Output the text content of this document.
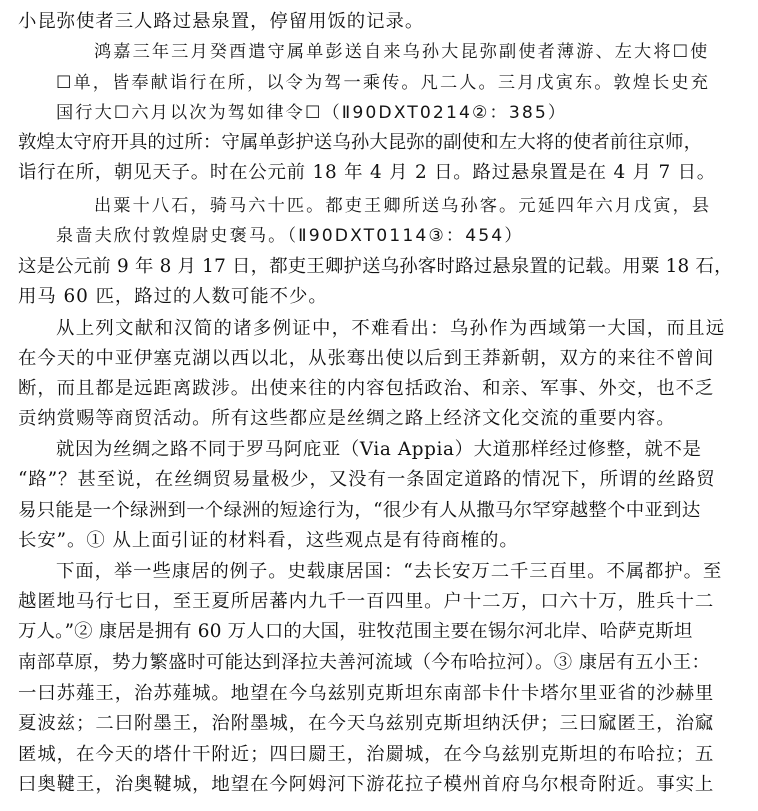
小昆弥使者三人路过悬泉置，停留用饭的记录。
鸿嘉三年三月癸酉遣守属单彭送自来乌孙大昆弥副使者薄游、左大将☐使
☐单，皆奉献诣行在所，以令为驾一乘传。凡二人。三月戊寅东。敦煌长史充
国行大☐六月以次为驾如律令☐（Ⅱ90DXT0214②：385）
敦煌太守府开具的过所：守属单彭护送乌孙大昆弥的副使和左大将的使者前往京师，
诣行在所，朝见天子。时在公元前 18 年 4 月 2 日。路过悬泉置是在 4 月 7 日。
出粟十八石，骑马六十匹。都吏王卿所送乌孙客。元延四年六月戊寅，县
泉啬夫欣付敦煌尉史褒马。（Ⅱ90DXT0114③：454）
这是公元前 9 年 8 月 17 日，都吏王卿护送乌孙客时路过悬泉置的记载。用粟 18 石，
用马 60 匹，路过的人数可能不少。
从上列文献和汉简的诸多例证中，不难看出：乌孙作为西域第一大国，而且远
在今天的中亚伊塞克湖以西以北，从张骞出使以后到王莽新朝，双方的来往不曾间
断，而且都是远距离跋涉。出使来往的内容包括政治、和亲、军事、外交，也不乏
贡纳赏赐等商贸活动。所有这些都应是丝绸之路上经济文化交流的重要内容。
就因为丝绸之路不同于罗马阿庇亚（Via Appia）大道那样经过修整，就不是
“路”？甚至说，在丝绸贸易量极少，又没有一条固定道路的情况下，所谓的丝路贸
易只能是一个绿洲到一个绿洲的短途行为，“很少有人从撒马尔罕穿越整个中亚到达
长安”。① 从上面引证的材料看，这些观点是有待商榷的。
下面，举一些康居的例子。史载康居国：“去长安万二千三百里。不属都护。至
越匿地马行七日，至王夏所居蕃内九千一百四里。户十二万，口六十万，胜兵十二
万人。”② 康居是拥有 60 万人口的大国，驻牧范围主要在锡尔河北岸、哈萨克斯坦
南部草原，势力繁盛时可能达到泽拉夫善河流域（今布哈拉河）。③ 康居有五小王：
一曰苏薤王，治苏薤城。地望在今乌兹别克斯坦东南部卡什卡塔尔里亚省的沙赫里
夏波兹；二曰附墨王，治附墨城，在今天乌兹别克斯坦纳沃伊；三曰窳匿王，治窳
匿城，在今天的塔什干附近；四曰罽王，治罽城，在今乌兹别克斯坦的布哈拉；五
曰奥鞬王，治奥鞬城，地望在今阿姆河下游花拉子模州首府乌尔根奇附近。事实上
